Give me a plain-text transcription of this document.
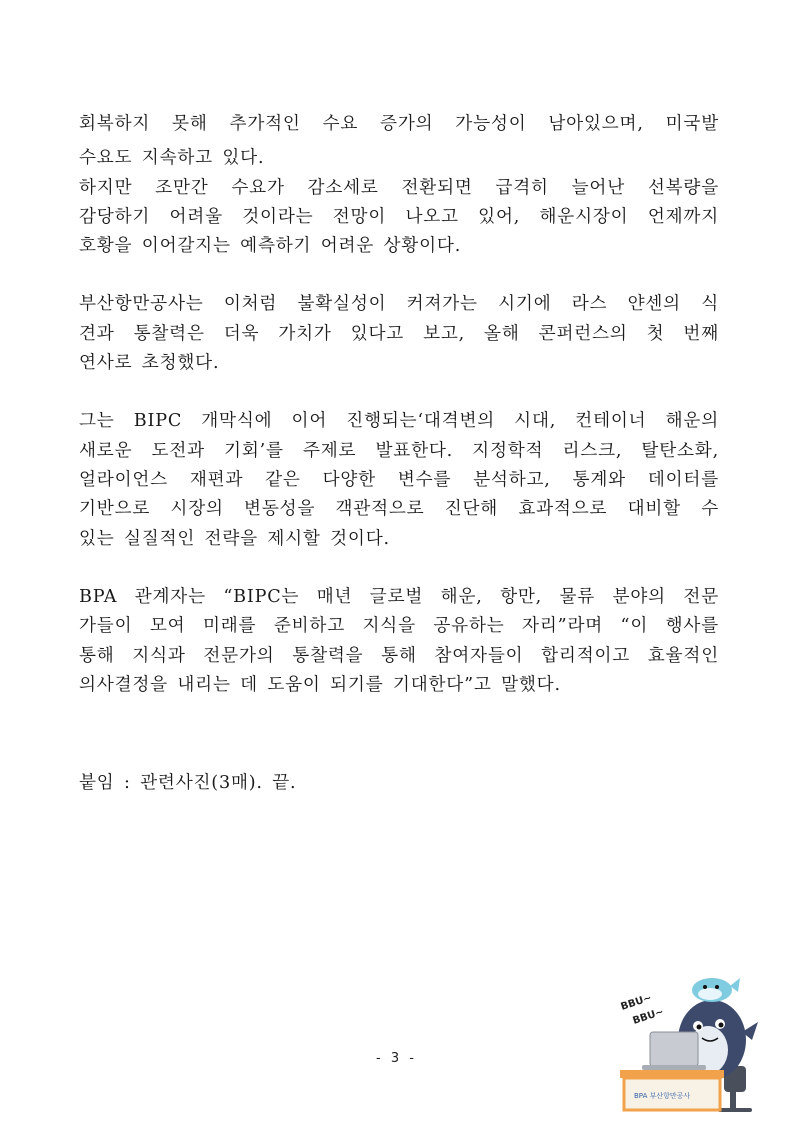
회복하지 못해 추가적인 수요 증가의 가능성이 남아있으며, 미국발
수요도 지속하고 있다.
하지만 조만간 수요가 감소세로 전환되면 급격히 늘어난 선복량을
감당하기 어려울 것이라는 전망이 나오고 있어, 해운시장이 언제까지
호황을 이어갈지는 예측하기 어려운 상황이다.
부산항만공사는 이처럼 불확실성이 커져가는 시기에 라스 얀센의 식
견과 통찰력은 더욱 가치가 있다고 보고, 올해 콘퍼런스의 첫 번째
연사로 초청했다.
그는 BIPC 개막식에 이어 진행되는‘대격변의 시대, 컨테이너 해운의
새로운 도전과 기회’를 주제로 발표한다. 지정학적 리스크, 탈탄소화,
얼라이언스 재편과 같은 다양한 변수를 분석하고, 통계와 데이터를
기반으로 시장의 변동성을 객관적으로 진단해 효과적으로 대비할 수
있는 실질적인 전략을 제시할 것이다.
BPA 관계자는 “BIPC는 매년 글로벌 해운, 항만, 물류 분야의 전문
가들이 모여 미래를 준비하고 지식을 공유하는 자리”라며 “이 행사를
통해 지식과 전문가의 통찰력을 통해 참여자들이 합리적이고 효율적인
의사결정을 내리는 데 도움이 되기를 기대한다”고 말했다.
붙임 : 관련사진(3매). 끝.
- 3 -
BBU~
BBU~
BPA 부산항만공사
